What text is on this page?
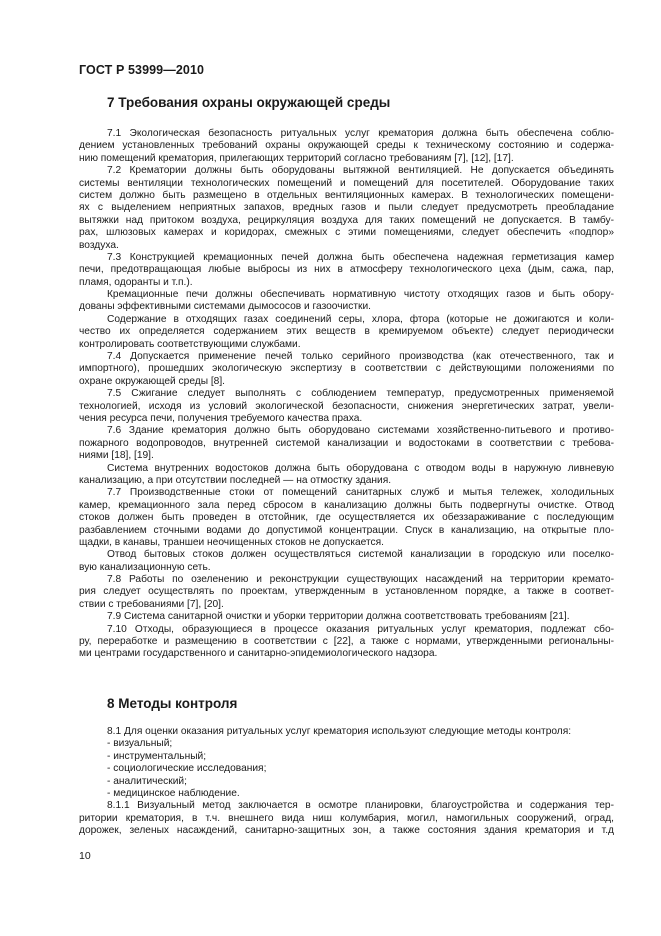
ГОСТ Р 53999—2010
7 Требования охраны окружающей среды
7.1 Экологическая безопасность ритуальных услуг крематория должна быть обеспечена соблю-
дением установленных требований охраны окружающей среды к техническому состоянию и содержа-
нию помещений крематория, прилегающих территорий согласно требованиям [7], [12], [17].
7.2 Крематории должны быть оборудованы вытяжной вентиляцией. Не допускается объединять
системы вентиляции технологических помещений и помещений для посетителей. Оборудование таких
систем должно быть размещено в отдельных вентиляционных камерах. В технологических помещени-
ях с выделением неприятных запахов, вредных газов и пыли следует предусмотреть преобладание
вытяжки над притоком воздуха, рециркуляция воздуха для таких помещений не допускается. В тамбу-
рах, шлюзовых камерах и коридорах, смежных с этими помещениями, следует обеспечить «подпор»
воздуха.
7.3 Конструкцией кремационных печей должна быть обеспечена надежная герметизация камер
печи, предотвращающая любые выбросы из них в атмосферу технологического цеха (дым, сажа, пар,
пламя, одоранты и т.п.).
Кремационные печи должны обеспечивать нормативную чистоту отходящих газов и быть обору-
дованы эффективными системами дымососов и газоочистки.
Содержание в отходящих газах соединений серы, хлора, фтора (которые не дожигаются и коли-
чество их определяется содержанием этих веществ в кремируемом объекте) следует периодически
контролировать соответствующими службами.
7.4 Допускается применение печей только серийного производства (как отечественного, так и
импортного), прошедших экологическую экспертизу в соответствии с действующими положениями по
охране окружающей среды [8].
7.5 Сжигание следует выполнять с соблюдением температур, предусмотренных применяемой
технологией, исходя из условий экологической безопасности, снижения энергетических затрат, увели-
чения ресурса печи, получения требуемого качества праха.
7.6 Здание крематория должно быть оборудовано системами хозяйственно-питьевого и противо-
пожарного водопроводов, внутренней системой канализации и водостоками в соответствии с требова-
ниями [18], [19].
Система внутренних водостоков должна быть оборудована с отводом воды в наружную ливневую
канализацию, а при отсутствии последней — на отмостку здания.
7.7 Производственные стоки от помещений санитарных служб и мытья тележек, холодильных
камер, кремационного зала перед сбросом в канализацию должны быть подвергнуты очистке. Отвод
стоков должен быть проведен в отстойник, где осуществляется их обеззараживание с последующим
разбавлением сточными водами до допустимой концентрации. Спуск в канализацию, на открытые пло-
щадки, в канавы, траншеи неочищенных стоков не допускается.
Отвод бытовых стоков должен осуществляться системой канализации в городскую или поселко-
вую канализационную сеть.
7.8 Работы по озеленению и реконструкции существующих насаждений на территории кремато-
рия следует осуществлять по проектам, утвержденным в установленном порядке, а также в соответ-
ствии с требованиями [7], [20].
7.9 Система санитарной очистки и уборки территории должна соответствовать требованиям [21].
7.10 Отходы, образующиеся в процессе оказания ритуальных услуг крематория, подлежат сбо-
ру, переработке и размещению в соответствии с [22], а также с нормами, утвержденными региональны-
ми центрами государственного и санитарно-эпидемиологического надзора.
8 Методы контроля
8.1 Для оценки оказания ритуальных услуг крематория используют следующие методы контроля:
- визуальный;
- инструментальный;
- социологические исследования;
- аналитический;
- медицинское наблюдение.
8.1.1 Визуальный метод заключается в осмотре планировки, благоустройства и содержания тер-
ритории крематория, в т.ч. внешнего вида ниш колумбария, могил, намогильных сооружений, оград,
дорожек, зеленых насаждений, санитарно-защитных зон, а также состояния здания крематория и т.д
10
